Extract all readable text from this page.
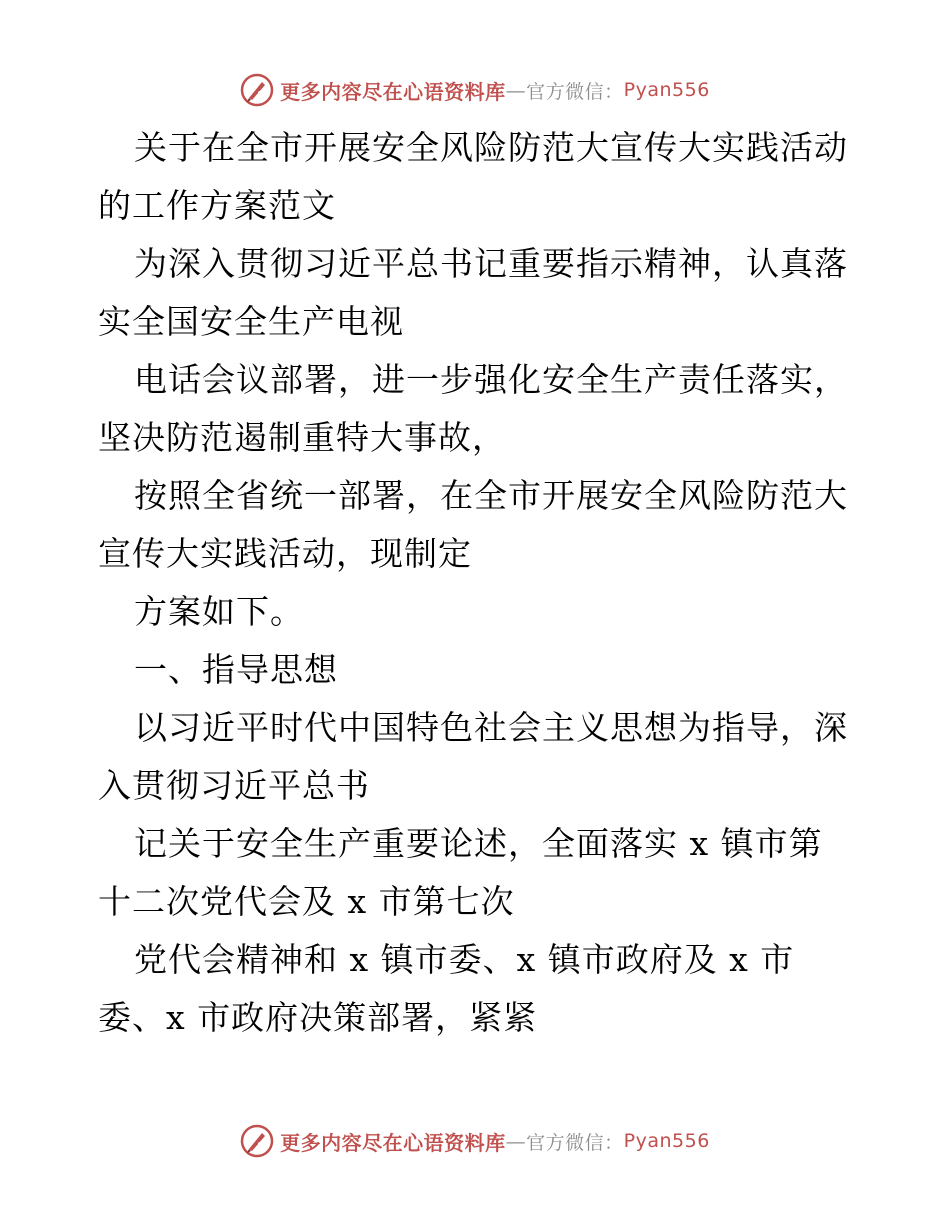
更多内容尽在心语资料库 — 官方微信： Pyan556
关于在全市开展安全风险防范大宣传大实践活动
的工作方案范文
为深入贯彻习近平总书记重要指示精神，认真落
实全国安全生产电视
电话会议部署，进一步强化安全生产责任落实，
坚决防范遏制重特大事故，
按照全省统一部署，在全市开展安全风险防范大
宣传大实践活动，现制定
方案如下。
一、指导思想
以习近平时代中国特色社会主义思想为指导，深
入贯彻习近平总书
记关于安全生产重要论述，全面落实 x 镇市第
十二次党代会及 x 市第七次
党代会精神和 x 镇市委、x 镇市政府及 x 市
委、x 市政府决策部署，紧紧
更多内容尽在心语资料库 — 官方微信： Pyan556
